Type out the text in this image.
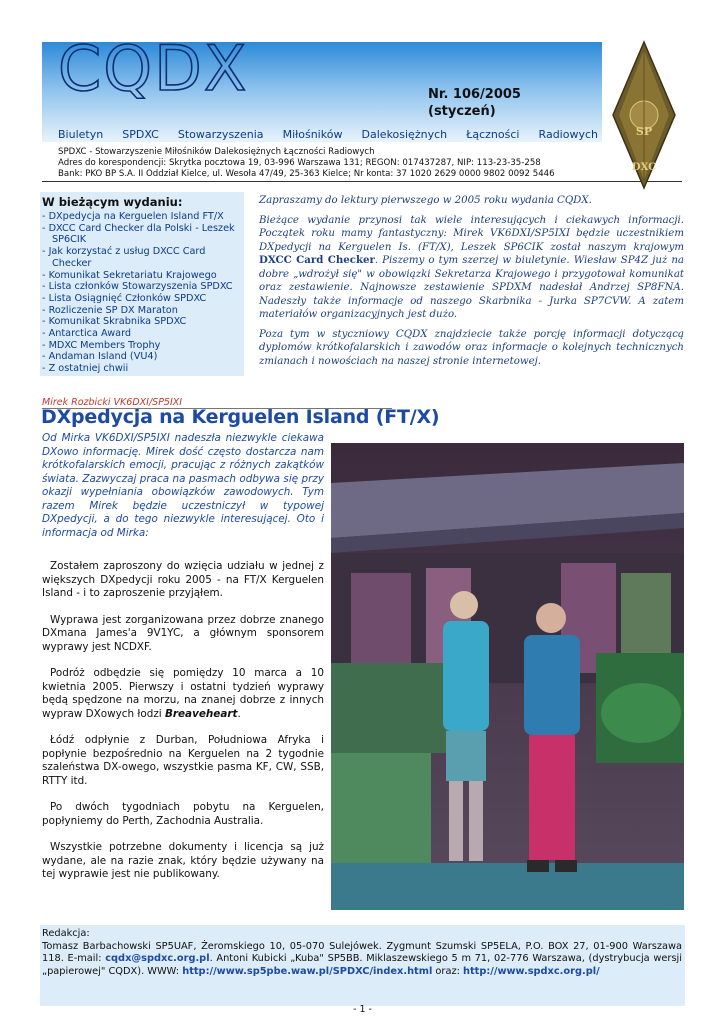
CQDX	Nr. 106/2005
(styczeń)
Biuletyn SPDXC Stowarzyszenia Miłośników Dalekosiężnych Łączności Radiowych
SPDXC - Stowarzyszenie Miłośników Dalekosiężnych Łączności Radiowych
Adres do korespondencji: Skrytka pocztowa 19, 03-996 Warszawa 131; REGON: 017437287, NIP: 113-23-35-258
Bank: PKO BP S.A. II Oddział Kielce, ul. Wesoła 47/49, 25-363 Kielce; Nr konta: 37 1020 2629 0000 9802 0092 5446
SP
DXC
W bieżącym wydaniu:
- DXpedycja na Kerguelen Island FT/X
- DXCC Card Checker dla Polski - Leszek SP6CIK
- Jak korzystać z usług DXCC Card Checker
- Komunikat Sekretariatu Krajowego
- Lista członków Stowarzyszenia SPDXC
- Lista Osiągnięć Członków SPDXC
- Rozliczenie SP DX Maraton
- Komunikat Skrabnika SPDXC
- Antarctica Award
- MDXC Members Trophy
- Andaman Island (VU4)
- Z ostatniej chwii

Zapraszamy do lektury pierwszego w 2005 roku wydania CQDX.

Bieżące wydanie przynosi tak wiele interesujących i ciekawych informacji. Początek roku mamy fantastyczny: Mirek VK6DXI/SP5IXI będzie uczestnikiem DXpedycji na Kerguelen Is. (FT/X), Leszek SP6CIK został naszym krajowym DXCC Card Checker. Piszemy o tym szerzej w biuletynie. Wiesław SP4Z już na dobre „wdrożył się" w obowiązki Sekretarza Krajowego i przygotował komunikat oraz zestawienie. Najnowsze zestawienie SPDXM nadesłał Andrzej SP8FNA. Nadeszły także informacje od naszego Skarbnika - Jurka SP7CVW. A zatem materiałów organizacyjnych jest dużo.

Poza tym w styczniowy CQDX znajdziecie także porcję informacji dotyczącą dyplomów krótkofalarskich i zawodów oraz informacje o kolejnych technicznych zmianach i nowościach na naszej stronie internetowej.

Mirek Rozbicki VK6DXI/SP5IXI
DXpedycja na Kerguelen Island (FT/X)
Od Mirka VK6DXI/SP5IXI nadeszła niezwykle ciekawa DXowo informację. Mirek dość często dostarcza nam krótkofalarskich emocji, pracując z różnych zakątków świata. Zazwyczaj praca na pasmach odbywa się przy okazji wypełniania obowiązków zawodowych. Tym razem Mirek będzie uczestniczył w typowej DXpedycji, a do tego niezwykle interesującej. Oto i informacja od Mirka:

Zostałem zaproszony do wzięcia udziału w jednej z większych DXpedycji roku 2005 - na FT/X Kerguelen Island - i to zaproszenie przyjąłem.

Wyprawa jest zorganizowana przez dobrze znanego DXmana James'a 9V1YC, a głównym sponsorem wyprawy jest NCDXF.

Podróż odbędzie się pomiędzy 10 marca a 10 kwietnia 2005. Pierwszy i ostatni tydzień wyprawy będą spędzone na morzu, na znanej dobrze z innych wypraw DXowych łodzi Breaveheart.

Łódź odpłynie z Durban, Południowa Afryka i popłynie bezpośrednio na Kerguelen na 2 tygodnie szaleństwa DX-owego, wszystkie pasma KF, CW, SSB, RTTY itd.

Po dwóch tygodniach pobytu na Kerguelen, popłyniemy do Perth, Zachodnia Australia.

Wszystkie potrzebne dokumenty i licencja są już wydane, ale na razie znak, który będzie używany na tej wyprawie jest nie publikowany.

Redakcja:
Tomasz Barbachowski SP5UAF, Żeromskiego 10, 05-070 Sulejówek. Zygmunt Szumski SP5ELA, P.O. BOX 27, 01-900 Warszawa 118. E-mail: cqdx@spdxc.org.pl. Antoni Kubicki „Kuba" SP5BB. Miklaszewskiego 5 m 71, 02-776 Warszawa, (dystrybucja wersji „papierowej" CQDX). WWW: http://www.sp5pbe.waw.pl/SPDXC/index.html oraz: http://www.spdxc.org.pl/
- 1 -
